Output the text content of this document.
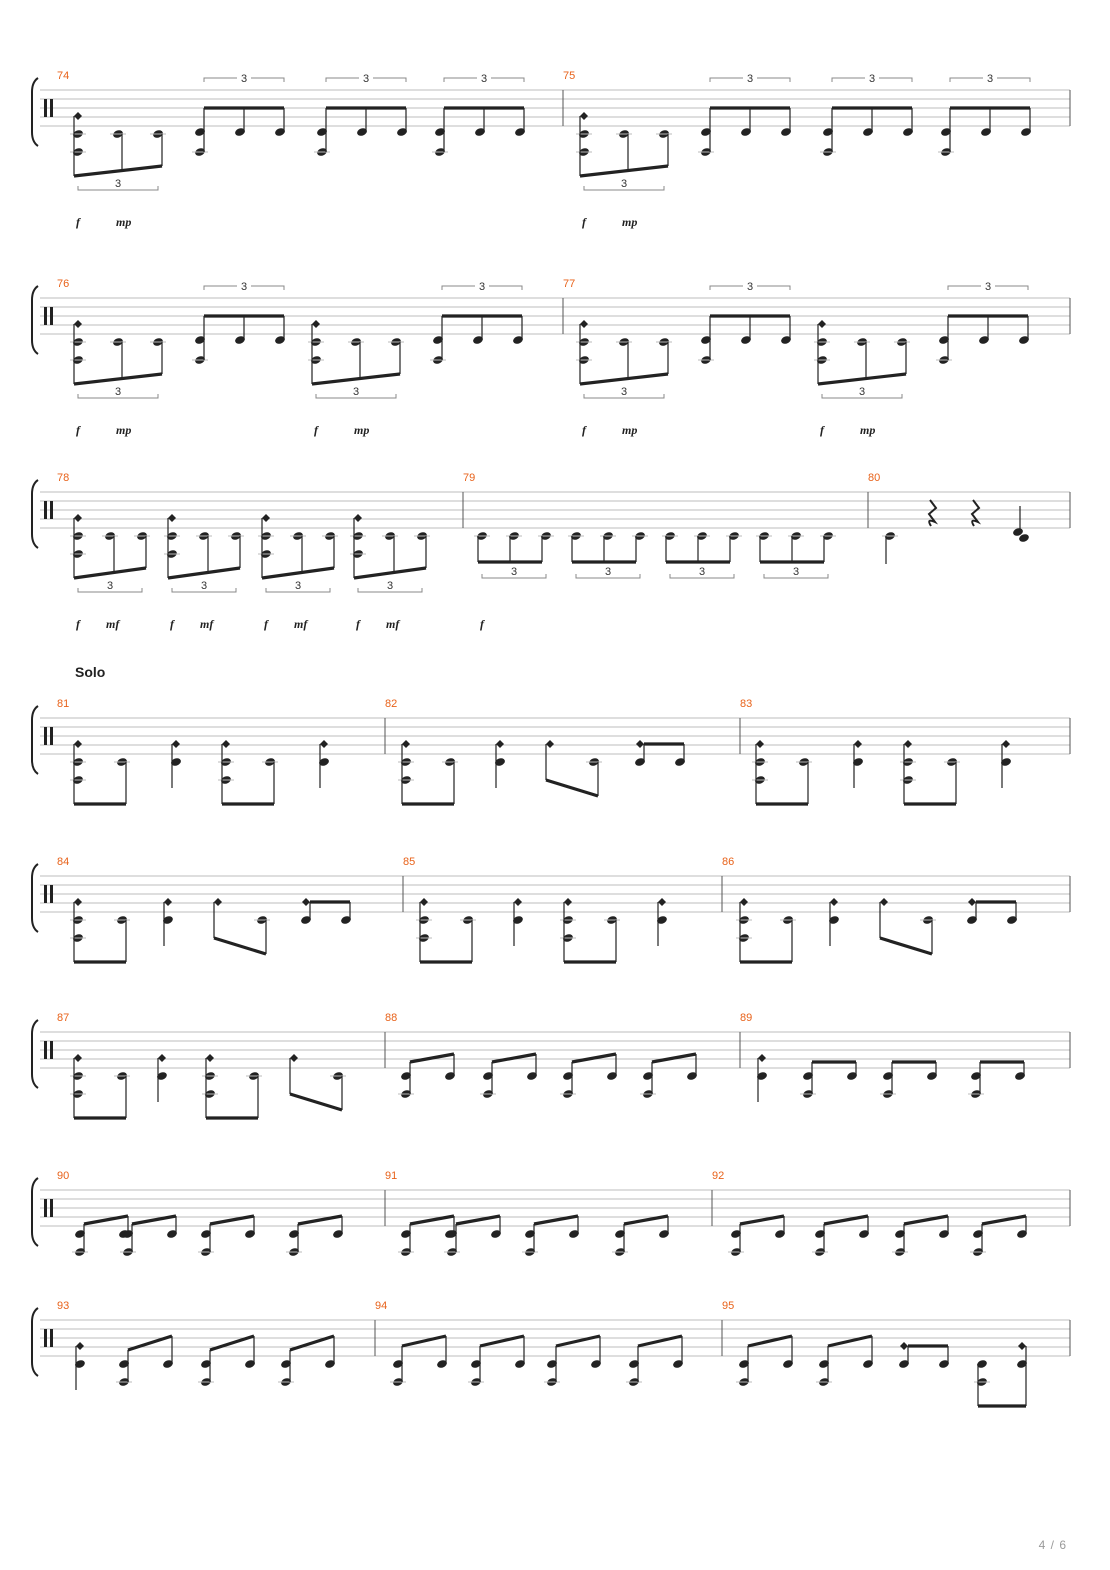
74	75
3
f	mp
3	3	3
3
f	mp
3	3	3
76	77
3
f	mp
3
3
f	mp
3
3
f	mp
3
3
f	mp
3
78	79	80
3
f mf
3
f mf
3
f mf
3
f mf
3	3	3	3
f
81	82	83
84	85	86
87	88	89
90	91	92
93	94	95
Solo
4 / 6
